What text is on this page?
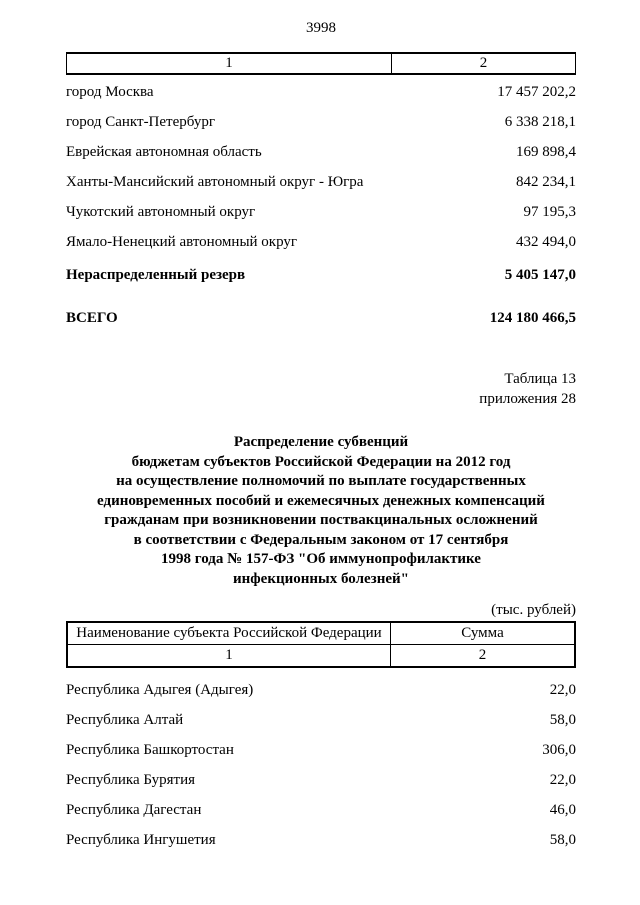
3998
1	2
город Москва	17 457 202,2
город Санкт-Петербург	6 338 218,1
Еврейская автономная область	169 898,4
Ханты-Мансийский автономный округ - Югра	842 234,1
Чукотский автономный округ	97 195,3
Ямало-Ненецкий автономный округ	432 494,0
Нераспределенный резерв	5 405 147,0
ВСЕГО	124 180 466,5
Таблица 13
приложения 28
Распределение субвенций
бюджетам субъектов Российской Федерации на 2012 год
на осуществление полномочий по выплате государственных
единовременных пособий и ежемесячных денежных компенсаций
гражданам при возникновении поствакцинальных осложнений
в соответствии с Федеральным законом от 17 сентября
1998 года № 157-ФЗ "Об иммунопрофилактике
инфекционных болезней"
(тыс. рублей)
Наименование субъекта Российской Федерации	Сумма
1	2
Республика Адыгея (Адыгея)	22,0
Республика Алтай	58,0
Республика Башкортостан	306,0
Республика Бурятия	22,0
Республика Дагестан	46,0
Республика Ингушетия	58,0
